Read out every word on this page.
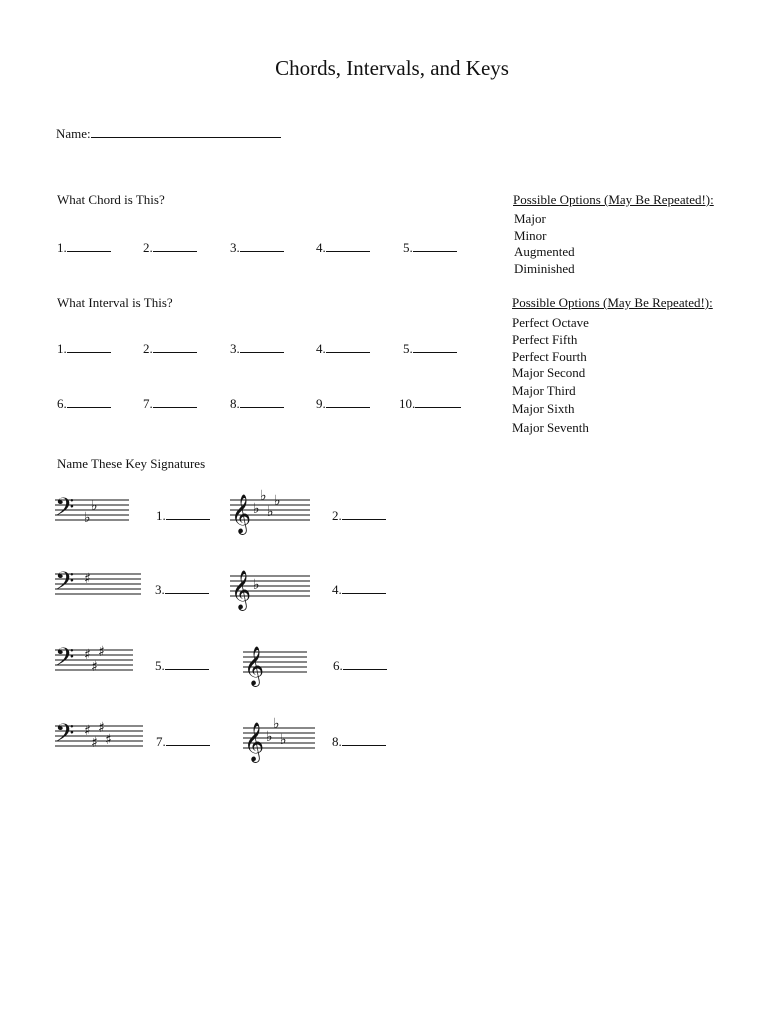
Chords, Intervals, and Keys
Name:
What Chord is This?
1.	2.	3.	4.	5.
Possible Options (May Be Repeated!):
Major
Minor
Augmented
Diminished
What Interval is This?
1.	2.	3.	4.	5.
6.	7.	8.	9.	10.
Possible Options (May Be Repeated!):
Perfect Octave
Perfect Fifth
Perfect Fourth
Major Second
Major Third
Major Sixth
Major Seventh
Name These Key Signatures
𝄢 ♭
♭
1.	𝄞 ♭
♭
♭
♭
2.
𝄢 ♯
3.	𝄞 ♭	4.
𝄢 ♯
♯
♯
5.	𝄞	6.
𝄢 ♯
♯
♯
♯	7.	𝄞 ♭
♭
♭	8.
